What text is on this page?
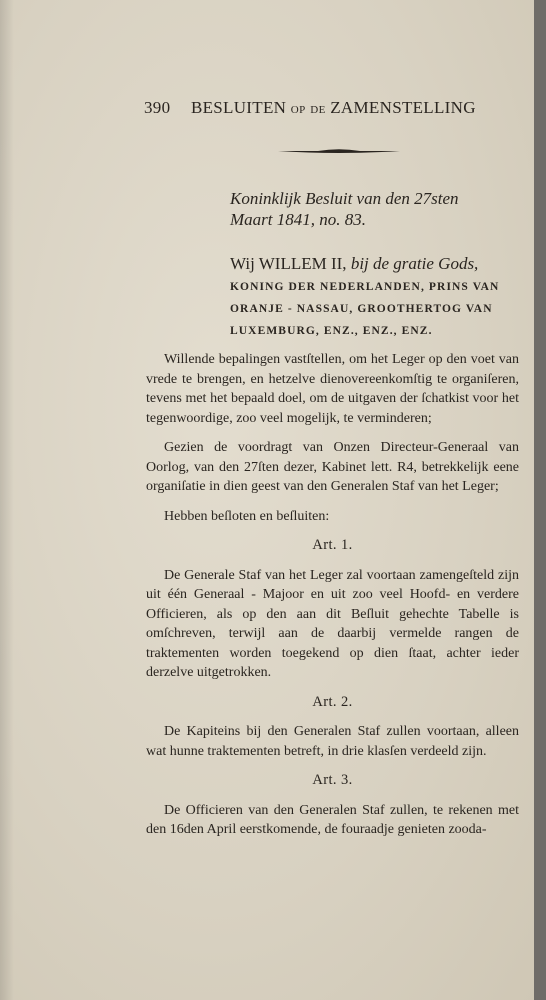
390 BESLUITEN OP DE ZAMENSTELLING
Koninklijk Besluit van den 27sten
Maart 1841, no. 83.
Wij WILLEM II, bij de gratie Gods,
KONING DER NEDERLANDEN, PRINS VAN
ORANJE - NASSAU, GROOTHERTOG VAN
LUXEMBURG, ENZ., ENZ., ENZ.

Willende bepalingen vastſtellen, om het Leger op den voet van vrede te brengen, en hetzelve dienovereenkomſtig te organiſeren, tevens met het bepaald doel, om de uitgaven der ſchatkist voor het tegenwoordige, zoo veel mogelijk, te verminderen;

Gezien de voordragt van Onzen Directeur-Generaal van Oorlog, van den 27ſten dezer, Kabinet lett. R4, betrekkelijk eene organiſatie in dien geest van den Generalen Staf van het Leger;

Hebben beſloten en beſluiten:

Art. 1.

De Generale Staf van het Leger zal voortaan zamengeſteld zijn uit één Generaal - Majoor en uit zoo veel Hoofd- en verdere Officieren, als op den aan dit Beſluit gehechte Tabelle is omſchreven, terwijl aan de daarbij vermelde rangen de traktementen worden toegekend op dien ſtaat, achter ieder derzelve uitgetrokken.

Art. 2.

De Kapiteins bij den Generalen Staf zullen voortaan, alleen wat hunne traktementen betreft, in drie klasſen verdeeld zijn.

Art. 3.

De Officieren van den Generalen Staf zullen, te rekenen met den 16den April eerstkomende, de fouraadje genieten zooda-
